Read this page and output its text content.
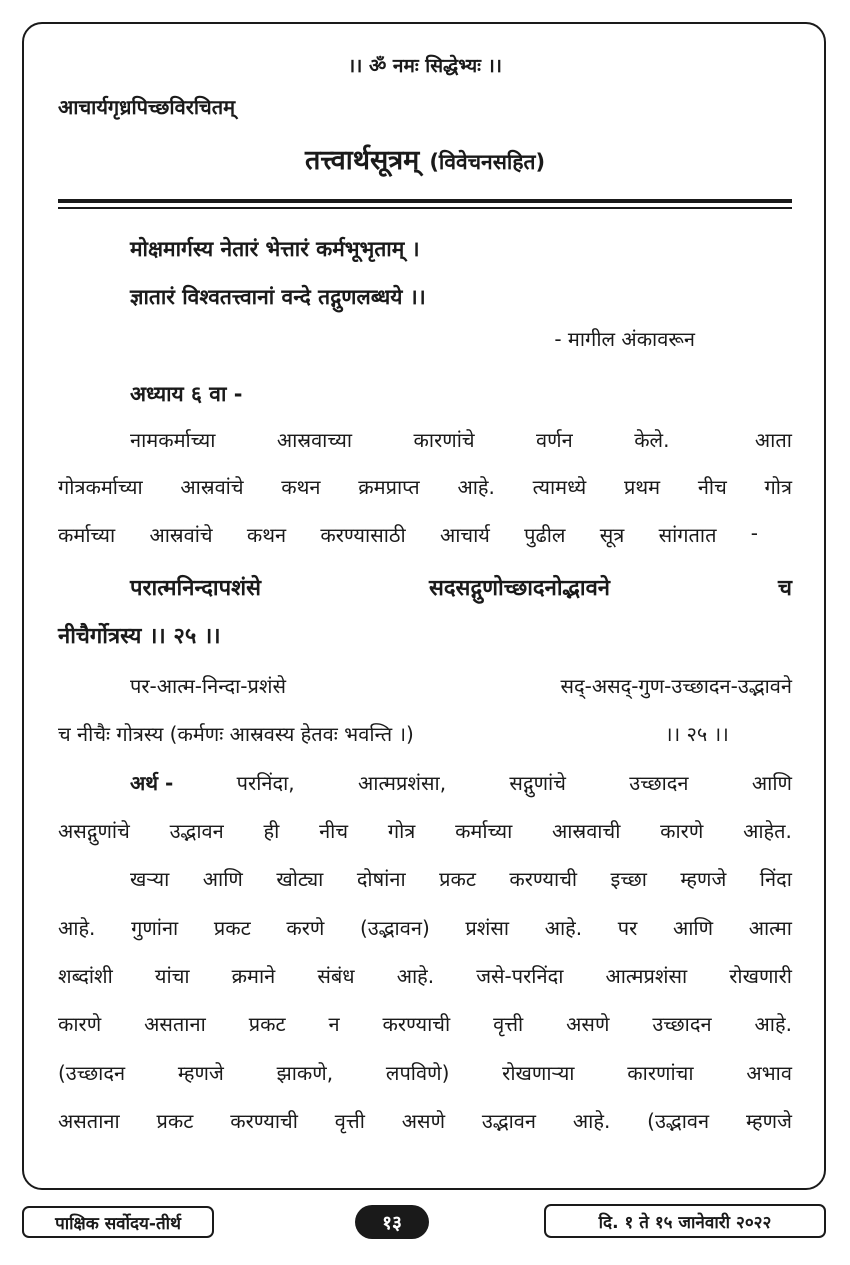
।। ॐ नमः सिद्धेभ्यः ।।
आचार्यगृध्रपिच्छविरचितम्
तत्त्वार्थसूत्रम् (विवेचनसहित)
मोक्षमार्गस्य नेतारं भेत्तारं कर्मभूभृताम् ।
ज्ञातारं विश्वतत्त्वानां वन्दे तद्गुणलब्धये ।।
- मागील अंकावरून
अध्याय ६ वा -
नामकर्माच्या	आस्रवाच्या	कारणांचे	वर्णन	केले.	आता
गोत्रकर्माच्या आस्रवांचे कथन क्रमप्राप्त आहे. त्यामध्ये प्रथम नीच गोत्र
कर्माच्या आस्रवांचे कथन करण्यासाठी आचार्य पुढील सूत्र सांगतात -
परात्मनिन्दापशंसे	सदसद्गुणोच्छादनोद्भावने	च
नीचैर्गोत्रस्य ।। २५ ।।
पर-आत्म-निन्दा-प्रशंसे	सद्-असद्-गुण-उच्छादन-उद्भावने
च नीचैः गोत्रस्य (कर्मणः आस्रवस्य हेतवः भवन्ति ।)	।। २५ ।।
अर्थ -	परनिंदा,	आत्मप्रशंसा,	सद्गुणांचे	उच्छादन	आणि
असद्गुणांचे उद्भावन ही नीच गोत्र कर्माच्या आस्रवाची कारणे आहेत.
खऱ्या आणि खोट्या दोषांना प्रकट करण्याची इच्छा म्हणजे निंदा
आहे. गुणांना प्रकट करणे (उद्भावन) प्रशंसा आहे. पर आणि आत्मा
शब्दांशी यांचा क्रमाने संबंध आहे. जसे-परनिंदा आत्मप्रशंसा रोखणारी
कारणे असताना प्रकट न करण्याची वृत्ती असणे उच्छादन आहे.
(उच्छादन	म्हणजे	झाकणे,	लपविणे)	रोखणाऱ्या	कारणांचा	अभाव
असताना प्रकट करण्याची वृत्ती असणे उद्भावन आहे. (उद्भावन म्हणजे
पाक्षिक सर्वोदय-तीर्थ	१३	दि. १ ते १५ जानेवारी २०२२
